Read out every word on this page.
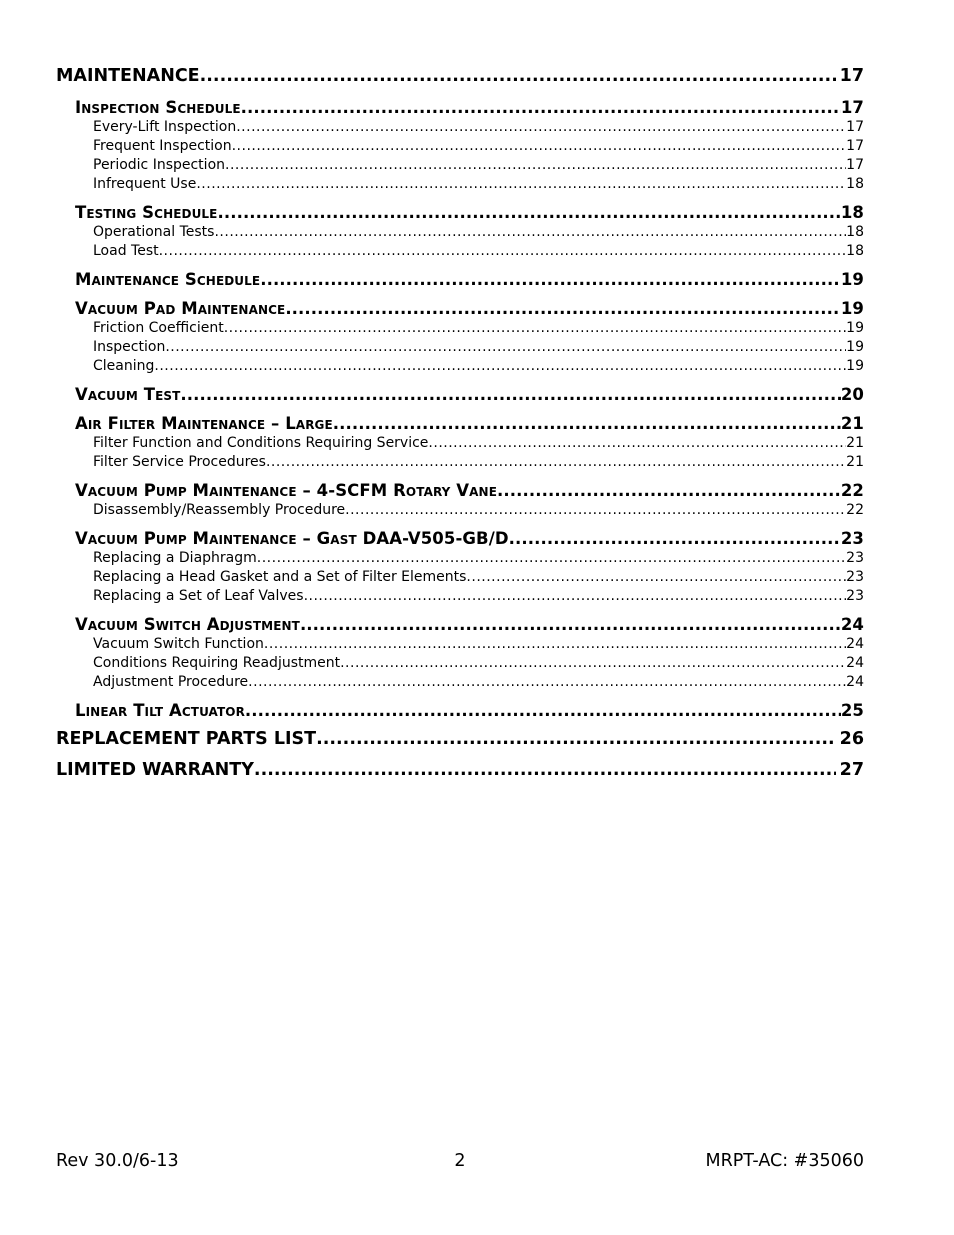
MAINTENANCE .....	17
Inspection Schedule .....	17
Every-Lift Inspection .....	17
Frequent Inspection .....	17
Periodic Inspection .....	17
Infrequent Use .....	18
Testing Schedule .....	18
Operational Tests .....	18
Load Test .....	18
Maintenance Schedule .....	19
Vacuum Pad Maintenance .....	19
Friction Coefficient .....	19
Inspection .....	19
Cleaning .....	19
Vacuum Test .....	20
Air Filter Maintenance – Large .....	21
Filter Function and Conditions Requiring Service .....	21
Filter Service Procedures .....	21
Vacuum Pump Maintenance – 4-SCFM Rotary Vane .....	22
Disassembly/Reassembly Procedure .....	22
Vacuum Pump Maintenance – Gast DAA-V505-GB/D .....	23
Replacing a Diaphragm .....	23
Replacing a Head Gasket and a Set of Filter Elements .....	23
Replacing a Set of Leaf Valves .....	23
Vacuum Switch Adjustment .....	24
Vacuum Switch Function .....	24
Conditions Requiring Readjustment .....	24
Adjustment Procedure .....	24
Linear Tilt Actuator .....	25
REPLACEMENT PARTS LIST .....	26
LIMITED WARRANTY .....	27
Rev 30.0/6-13	2	MRPT-AC: #35060
